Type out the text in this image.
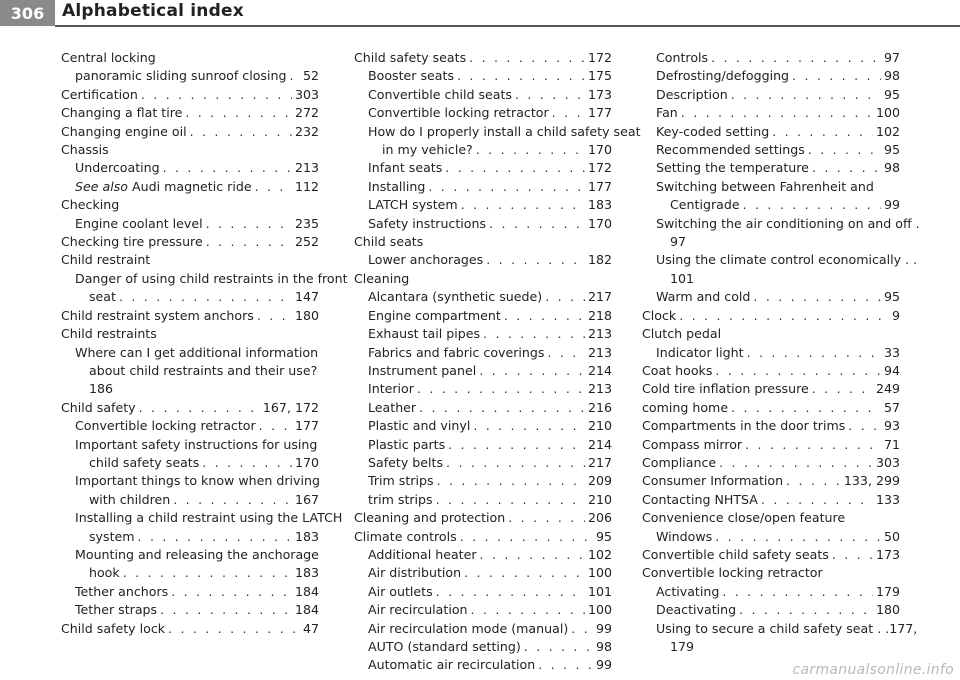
306	Alphabetical index
Central locking
panoramic sliding sunroof closing . . . 52
Certification . . .	303
Changing a flat tire . . .	272
Changing engine oil . . .	232
Chassis
Undercoating . . .	213
See also Audi magnetic ride . . .	112
Checking
Engine coolant level . . .	235
Checking tire pressure . . .	252
Child restraint
Danger of using child restraints in the front
seat . . .	147
Child restraint system anchors . . .	180
Child restraints
Where can I get additional information
about child restraints and their use?
186
Child safety . . .	167, 172
Convertible locking retractor . . .	177
Important safety instructions for using
child safety seats . . .	170
Important things to know when driving
with children . . .	167
Installing a child restraint using the LATCH
system . . .	183
Mounting and releasing the anchorage
hook . . .	183
Tether anchors . . .	184
Tether straps . . .	184
Child safety lock . . .	47
Child safety seats . . .	172
Booster seats . . .	175
Convertible child seats . . .	173
Convertible locking retractor . . .	177
How do I properly install a child safety seat
in my vehicle? . . .	170
Infant seats . . .	172
Installing . . .	177
LATCH system . . .	183
Safety instructions . . .	170
Child seats
Lower anchorages . . .	182
Cleaning
Alcantara (synthetic suede) . . .	217
Engine compartment . . .	218
Exhaust tail pipes . . .	213
Fabrics and fabric coverings . . .	213
Instrument panel . . .	214
Interior . . .	213
Leather . . .	216
Plastic and vinyl . . .	210
Plastic parts . . .	214
Safety belts . . .	217
Trim strips . . .	209
trim strips . . .	210
Cleaning and protection . . .	206
Climate controls . . .	95
Additional heater . . .	102
Air distribution . . .	100
Air outlets . . .	101
Air recirculation . . .	100
Air recirculation mode (manual) . . . 99
AUTO (standard setting) . . .	98
Automatic air recirculation . . .	99
Controls . . .	97
Defrosting/defogging . . .	98
Description . . .	95
Fan . . .	100
Key-coded setting . . .	102
Recommended settings . . .	95
Setting the temperature . . .	98
Switching between Fahrenheit and
Centigrade . . .	99
Switching the air conditioning on and off .
97
Using the climate control economically . .
101
Warm and cold . . .	95
Clock . . .	9
Clutch pedal
Indicator light . . .	33
Coat hooks . . .	94
Cold tire inflation pressure . . .	249
coming home . . .	57
Compartments in the door trims . . .	93
Compass mirror . . .	71
Compliance . . .	303
Consumer Information . . .	133, 299
Contacting NHTSA . . .	133
Convenience close/open feature
Windows . . .	50
Convertible child safety seats . . .	173
Convertible locking retractor
Activating . . .	179
Deactivating . . .	180
Using to secure a child safety seat . . 177,
179
carmanualsonline.info
